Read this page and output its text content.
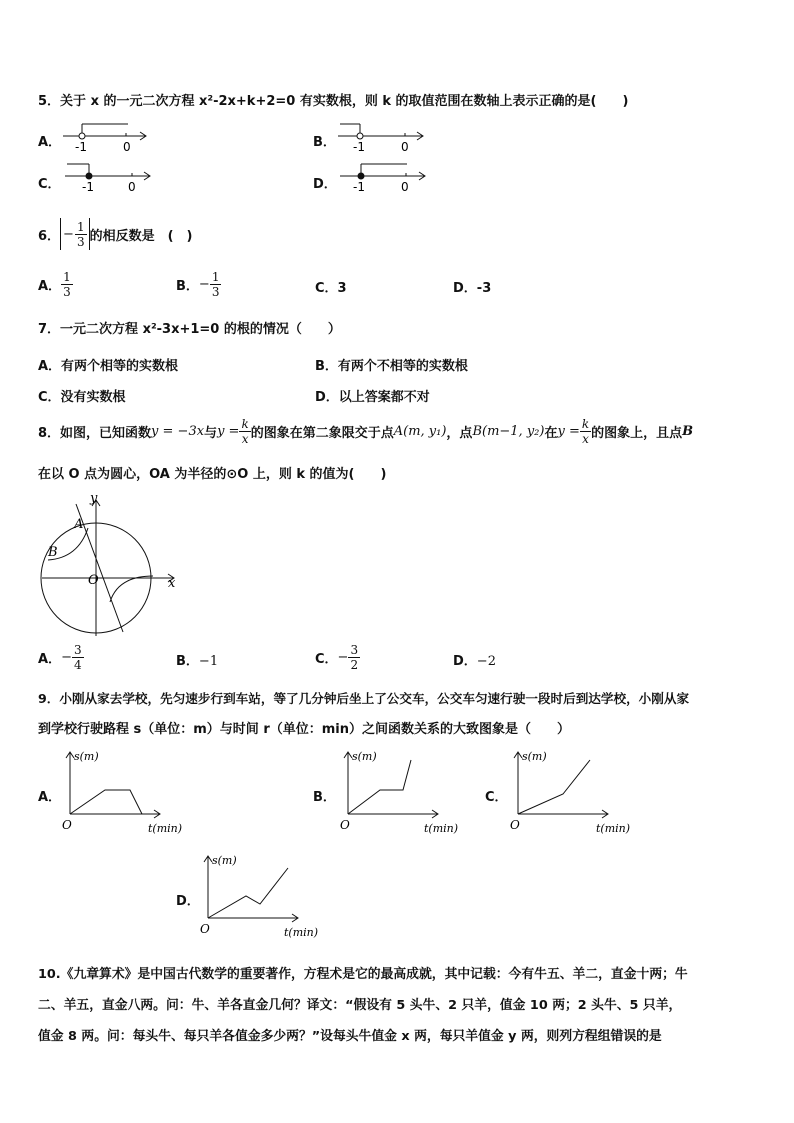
5．关于 x 的一元二次方程 x²-2x+k+2=0 有实数根，则 k 的取值范围在数轴上表示正确的是(　　)
A． -1	0	B． -1	0
C． -1	0	D． -1	0
6． − $\frac{1}{3}$ 的相反数是　(　)
A． $\frac{1}{3}$	B． − $\frac{1}{3}$	C．3	D．-3
7．一元二次方程 x²-3x+1=0 的根的情况（　　）
A．有两个相等的实数根	B．有两个不相等的实数根
C．没有实数根	D．以上答案都不对
8．如图，已知函数 y = −3x 与 $y = \frac{k}{x}$ 的图象在第二象限交于点 A(m, y₁) ，点 B(m−1, y₂) 在 $y = \frac{k}{x}$ 的图象上，且点 B
在以 O 点为圆心，OA 为半径的⊙O 上，则 k 的值为(　　)
y
A
B
O	x
A． − $\frac{3}{4}$	B．−1	C． − $\frac{3}{2}$	D．−2
9．小刚从家去学校，先匀速步行到车站，等了几分钟后坐上了公交车，公交车匀速行驶一段时后到达学校，小刚从家
到学校行驶路程 s（单位：m）与时间 r（单位：min）之间函数关系的大致图象是（　　）
A．
s(m)
t(min)
O
B．
s(m)
t(min)
O
C．
s(m)
t(min)
O
D．
s(m)
t(min)
O
10.《九章算术》是中国古代数学的重要著作，方程术是它的最高成就，其中记载：今有牛五、羊二，直金十两；牛
二、羊五，直金八两。问：牛、羊各直金几何？译文：“假设有 5 头牛、2 只羊，值金 10 两；2 头牛、5 只羊，
值金 8 两。问：每头牛、每只羊各值金多少两？”设每头牛值金 x 两，每只羊值金 y 两，则列方程组错误的是
